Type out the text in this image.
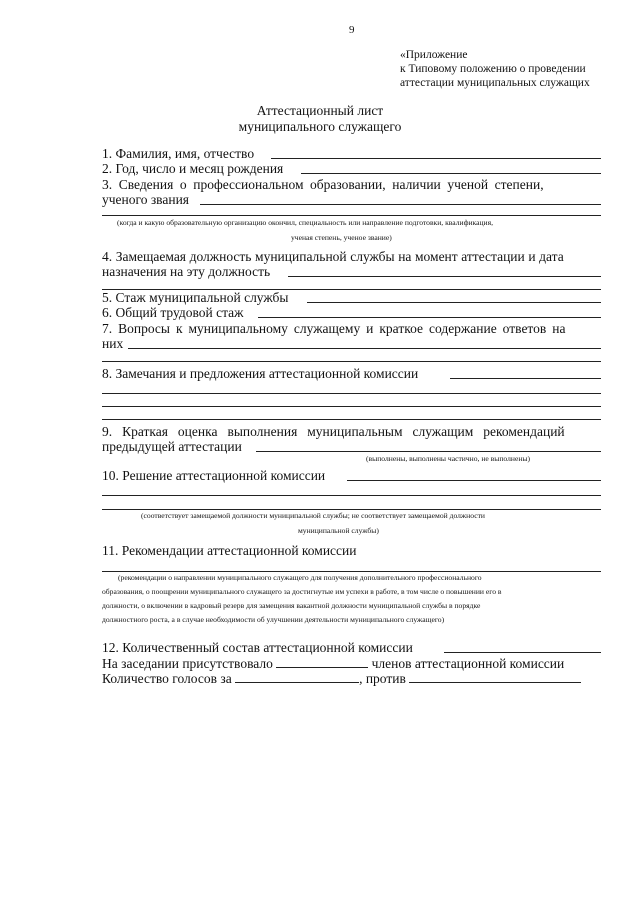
9
«Приложение
к Типовому положению о проведении
аттестации муниципальных служащих
Аттестационный лист
муниципального служащего
1. Фамилия, имя, отчество
2. Год, число и месяц рождения
3. Сведения о профессиональном образовании, наличии ученой степени,
ученого звания
(когда и какую образовательную организацию окончил, специальность или направление подготовки, квалификация,
ученая степень, ученое звание)
4. Замещаемая должность муниципальной службы на момент аттестации и дата
назначения на эту должность
5. Стаж муниципальной службы
6. Общий трудовой стаж
7. Вопросы к муниципальному служащему и краткое содержание ответов на
них
8. Замечания и предложения аттестационной комиссии
9. Краткая оценка выполнения муниципальным служащим рекомендаций
предыдущей аттестации
(выполнены, выполнены частично, не выполнены)
10. Решение аттестационной комиссии
(соответствует замещаемой должности муниципальной службы; не соответствует замещаемой должности
муниципальной службы)
11. Рекомендации аттестационной комиссии
(рекомендации о направлении муниципального служащего для получения дополнительного профессионального
образования, о поощрении муниципального служащего за достигнутые им успехи в работе, в том числе о повышении его в
должности, о включении в кадровый резерв для замещения вакантной должности муниципальной службы в порядке
должностного роста, а в случае необходимости об улучшении деятельности муниципального служащего)
12. Количественный состав аттестационной комиссии
На заседании присутствовало	членов аттестационной комиссии
Количество голосов за	, против
